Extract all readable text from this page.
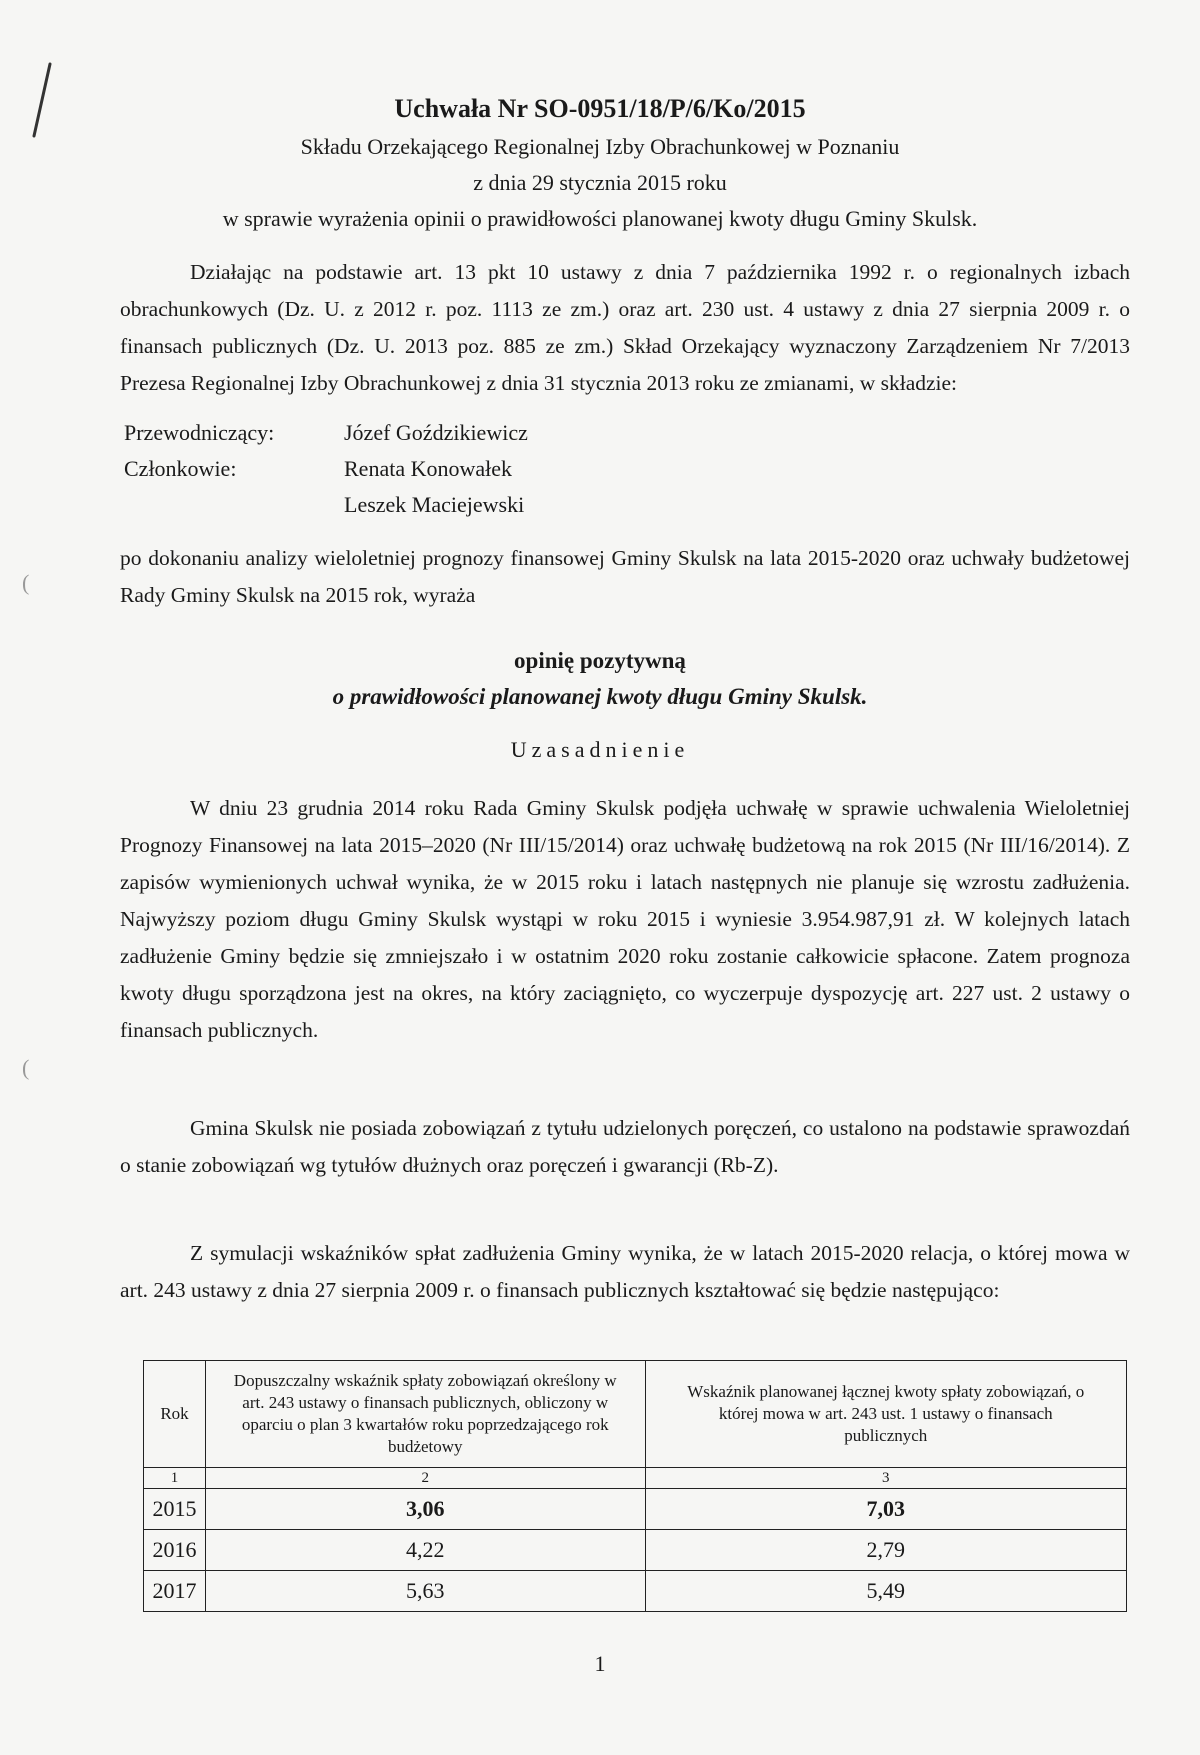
(
(
Uchwała Nr SO-0951/18/P/6/Ko/2015
Składu Orzekającego Regionalnej Izby Obrachunkowej w Poznaniu
z dnia 29 stycznia 2015 roku
w sprawie wyrażenia opinii o prawidłowości planowanej kwoty długu Gminy Skulsk.
Działając na podstawie art. 13 pkt 10 ustawy z dnia 7 października 1992 r. o regionalnych izbach obrachunkowych (Dz. U. z 2012 r. poz. 1113 ze zm.) oraz art. 230 ust. 4 ustawy z dnia 27 sierpnia 2009 r. o finansach publicznych (Dz. U. 2013 poz. 885 ze zm.) Skład Orzekający wyznaczony Zarządzeniem Nr 7/2013 Prezesa Regionalnej Izby Obrachunkowej z dnia 31 stycznia 2013 roku ze zmianami, w składzie:
Przewodniczący:	Józef Goździkiewicz
Członkowie:	Renata Konowałek
Leszek Maciejewski
po dokonaniu analizy wieloletniej prognozy finansowej Gminy Skulsk na lata 2015-2020 oraz uchwały budżetowej Rady Gminy Skulsk na 2015 rok, wyraża
opinię pozytywną
o prawidłowości planowanej kwoty długu Gminy Skulsk.
Uzasadnienie
W dniu 23 grudnia 2014 roku Rada Gminy Skulsk podjęła uchwałę w sprawie uchwalenia Wieloletniej Prognozy Finansowej na lata 2015–2020 (Nr III/15/2014) oraz uchwałę budżetową na rok 2015 (Nr III/16/2014). Z zapisów wymienionych uchwał wynika, że w 2015 roku i latach następnych nie planuje się wzrostu zadłużenia. Najwyższy poziom długu Gminy Skulsk wystąpi w roku 2015 i wyniesie 3.954.987,91 zł. W kolejnych latach zadłużenie Gminy będzie się zmniejszało i w ostatnim 2020 roku zostanie całkowicie spłacone. Zatem prognoza kwoty długu sporządzona jest na okres, na który zaciągnięto, co wyczerpuje dyspozycję art. 227 ust. 2 ustawy o finansach publicznych.
Gmina Skulsk nie posiada zobowiązań z tytułu udzielonych poręczeń, co ustalono na podstawie sprawozdań o stanie zobowiązań wg tytułów dłużnych oraz poręczeń i gwarancji (Rb-Z).
Z symulacji wskaźników spłat zadłużenia Gminy wynika, że w latach 2015-2020 relacja, o której mowa w art. 243 ustawy z dnia 27 sierpnia 2009 r. o finansach publicznych kształtować się będzie następująco:
Rok	Dopuszczalny wskaźnik spłaty zobowiązań określony w art. 243 ustawy o finansach publicznych, obliczony w oparciu o plan 3 kwartałów roku poprzedzającego rok budżetowy	Wskaźnik planowanej łącznej kwoty spłaty zobowiązań, o której mowa w art. 243 ust. 1 ustawy o finansach publicznych
1	2	3
2015	3,06	7,03
2016	4,22	2,79
2017	5,63	5,49
1
